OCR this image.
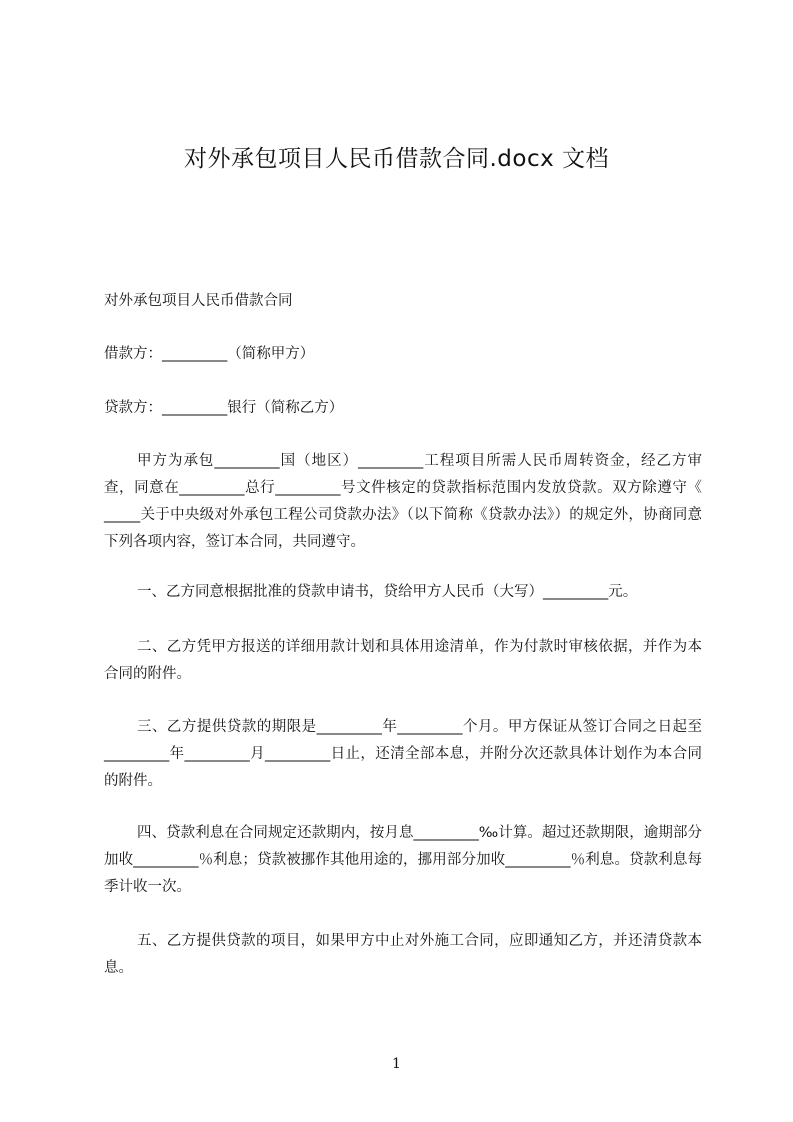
对外承包项目人民币借款合同.docx 文档

对外承包项目人民币借款合同

借款方：_________（简称甲方）

贷款方：_________银行（简称乙方）

甲方为承包_________国（地区）_________工程项目所需人民币周转资金，经乙方审查，同意在_________总行_________号文件核定的贷款指标范围内发放贷款。双方除遵守《 _____关于中央级对外承包工程公司贷款办法》（以下简称《贷款办法》）的规定外，协商同意下列各项内容，签订本合同，共同遵守。

一、乙方同意根据批准的贷款申请书，贷给甲方人民币（大写）_________元。

二、乙方凭甲方报送的详细用款计划和具体用途清单，作为付款时审核依据，并作为本合同的附件。

三、乙方提供贷款的期限是_________年_________个月。甲方保证从签订合同之日起至_________年_________月_________日止，还清全部本息，并附分次还款具体计划作为本合同的附件。

四、贷款利息在合同规定还款期内，按月息_________‰计算。超过还款期限，逾期部分加收_________％利息；贷款被挪作其他用途的，挪用部分加收_________％利息。贷款利息每季计收一次。

五、乙方提供贷款的项目，如果甲方中止对外施工合同，应即通知乙方，并还清贷款本息。

1
